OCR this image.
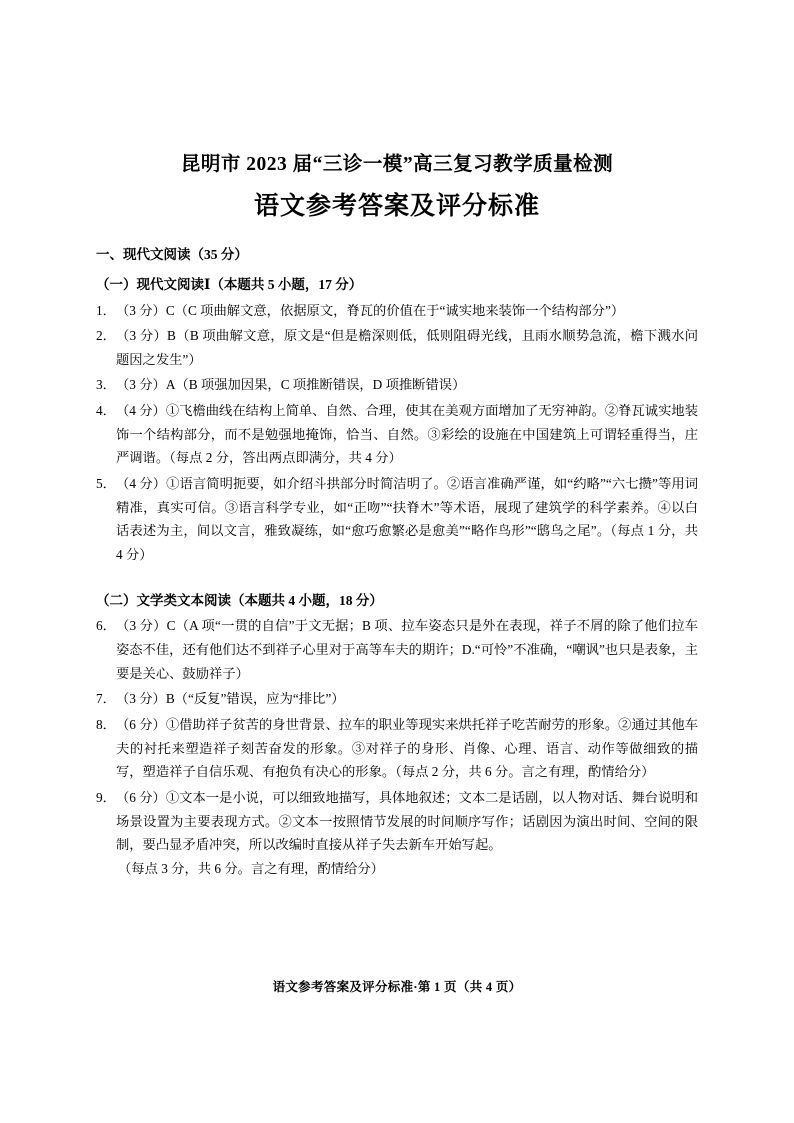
昆明市 2023 届“三诊一模”高三复习教学质量检测
语文参考答案及评分标准
一、现代文阅读（35 分）
（一）现代文阅读Ⅰ（本题共 5 小题，17 分）
1． （3 分）C（C 项曲解文意，依据原文，脊瓦的价值在于“诚实地来装饰一个结构部分”）
2． （3 分）B（B 项曲解文意，原文是“但是檐深则低，低则阻碍光线，且雨水顺势急流，檐下溅水问题因之发生”）
3． （3 分）A（B 项强加因果，C 项推断错误，D 项推断错误）
4． （4 分）①飞檐曲线在结构上简单、自然、合理，使其在美观方面增加了无穷神韵。②脊瓦诚实地装饰一个结构部分，而不是勉强地掩饰，恰当、自然。③彩绘的设施在中国建筑上可谓轻重得当，庄严调谐。（每点 2 分，答出两点即满分，共 4 分）
5． （4 分）①语言简明扼要，如介绍斗拱部分时简洁明了。②语言准确严谨，如“约略”“六七攒”等用词精准，真实可信。③语言科学专业，如“正吻”“扶脊木”等术语，展现了建筑学的科学素养。④以白话表述为主，间以文言，雅致凝练，如“愈巧愈繁必是愈美”“略作鸟形”“鸱鸟之尾”。（每点 1 分，共 4 分）
（二）文学类文本阅读（本题共 4 小题，18 分）
6． （3 分）C（A 项“一贯的自信”于文无据；B 项、拉车姿态只是外在表现，祥子不屑的除了他们拉车姿态不佳，还有他们达不到祥子心里对于高等车夫的期许；D.“可怜”不准确，“嘲讽”也只是表象，主要是关心、鼓励祥子）
7． （3 分）B（“反复”错误，应为“排比”）
8． （6 分）①借助祥子贫苦的身世背景、拉车的职业等现实来烘托祥子吃苦耐劳的形象。②通过其他车夫的衬托来塑造祥子刻苦奋发的形象。③对祥子的身形、肖像、心理、语言、动作等做细致的描写，塑造祥子自信乐观、有抱负有决心的形象。（每点 2 分，共 6 分。言之有理，酌情给分）
9． （6 分）①文本一是小说，可以细致地描写，具体地叙述；文本二是话剧，以人物对话、舞台说明和场景设置为主要表现方式。②文本一按照情节发展的时间顺序写作；话剧因为演出时间、空间的限制，要凸显矛盾冲突，所以改编时直接从祥子失去新车开始写起。
（每点 3 分，共 6 分。言之有理，酌情给分）
语文参考答案及评分标准·第 1 页（共 4 页）
